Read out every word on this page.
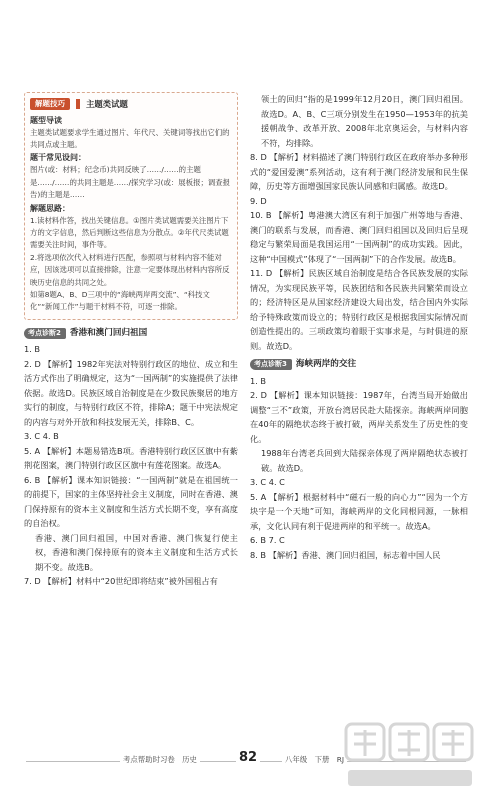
解题技巧	主题类试题
题型导读
主题类试题要求学生通过图片、年代尺、关键词等找出它们的共同点或主题。
题干常见设问：
图片(或：材料；纪念币)共同反映了……/……的主题是……/……的共同主题是……/探究学习(或：展板报；调查报告)的主题是……
解题思路：
1.读材料作答，找出关键信息。①图片类试题需要关注图片下方的文字信息，然后判断这些信息为分散点。②年代尺类试题需要关注时间，事件等。
2.将选项依次代入材料进行匹配，参照项与材料内容不能对应，因该选项可以直接排除，注意一定要体现出材料内容所反映历史信息的共同之处。
如第8题A、B、D三项中的“海峡两岸两交流”、“科技文化”“新闻工作”与题干材料不符，可逐一排除。
考点诊断2	香港和澳门回归祖国
1. B
2. D 【解析】1982年宪法对特别行政区的地位、成立和生活方式作出了明确规定，这为“一国两制”的实施提供了法律依据。故选D。民族区域自治制度是在少数民族聚居的地方实行的制度，与特别行政区不符，排除A；题干中宪法规定的内容与对外开放和科技发展无关，排除B、C。
3. C 4. B
5. A 【解析】本题易错选B项。香港特别行政区区旗中有紫荆花图案，澳门特别行政区区旗中有莲花图案。故选A。
6. B 【解析】课本知识链接：“一国两制”就是在祖国统一的前提下，国家的主体坚持社会主义制度，同时在香港、澳门保持原有的资本主义制度和生活方式长期不变，享有高度的自治权。
香港、澳门回归祖国，中国对香港、澳门恢复行使主权，香港和澳门保持原有的资本主义制度和生活方式长期不变。故选B。
7. D 【解析】材料中“20世纪即将结束”被外国租占有
领土的回归”指的是1999年12月20日，澳门回归祖国。故选D。A、B、C三项分别发生在1950—1953年的抗美援朝战争、改革开放、2008年北京奥运会，与材料内容不符，均排除。
8. D 【解析】材料描述了澳门特别行政区在政府举办多种形式的“爱国爱澳”系列活动，这有利于澳门经济发展和民生保障，历史等方面增强国家民族认同感和归属感。故选D。
9. D
10. B 【解析】粤港澳大湾区有利于加强广州等地与香港、澳门的联系与发展，而香港、澳门回归祖国以及回归后呈现稳定与繁荣局面是我国运用“一国两制”的成功实践。因此，这种“中国模式”体现了“一国两制”下的合作发展。故选B。
11. D 【解析】民族区域自治制度是结合各民族发展的实际情况，为实现民族平等，民族团结和各民族共同繁荣而设立的；经济特区是从国家经济建设大局出发，结合国内外实际给予特殊政策而设立的；特别行政区是根据我国实际情况而创造性提出的。三项政策均着眼于实事求是，与时俱进的原则。故选D。
考点诊断3	海峡两岸的交往
1. B
2. D 【解析】课本知识链接：1987年，台湾当局开始做出调整“三不”政策，开放台湾居民赴大陆探亲。海峡两岸同胞在40年的隔绝状态终于被打破，两岸关系发生了历史性的变化。
1988年台湾老兵回到大陆探亲体现了两岸隔绝状态被打破。故选D。
3. C 4. C
5. A 【解析】根据材料中“磁石一般的向心力”“因为一个方块字是一个天地”可知，海峡两岸的文化同根同源，一脉相承，文化认同有利于促进两岸的和平统一。故选A。
6. B 7. C
8. B 【解析】香港、澳门回归祖国，标志着中国人民
考点帮助时习卷　历史	82	八年级　下册　RJ
